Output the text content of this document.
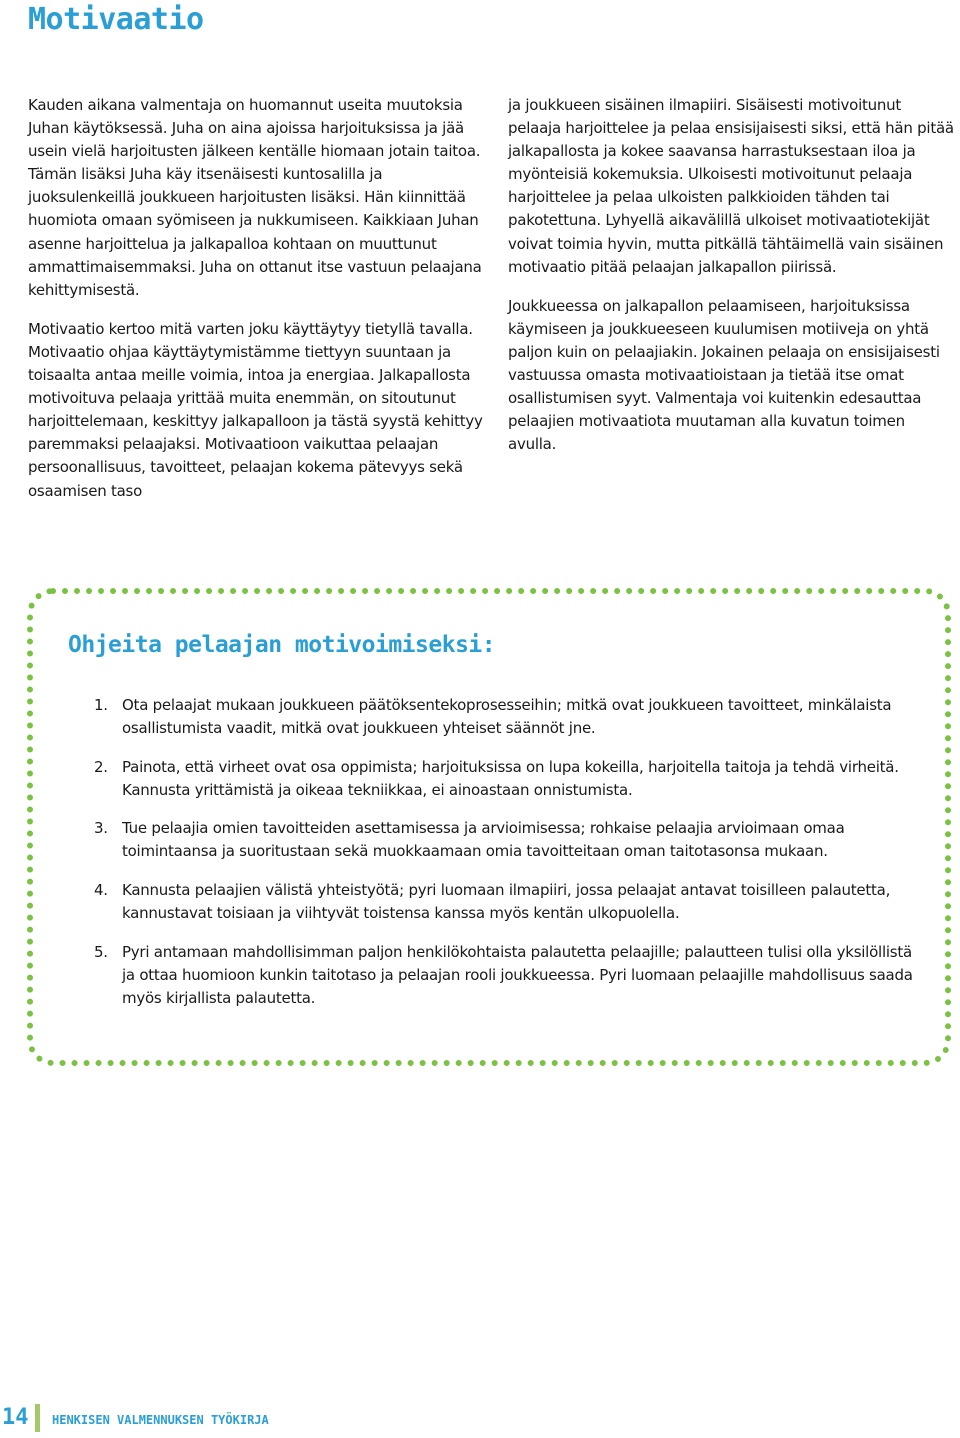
Motivaatio

Kauden aikana valmentaja on huomannut useita muutoksia Juhan käytöksessä. Juha on aina ajoissa harjoituksissa ja jää usein vielä harjoitusten jälkeen kentälle hiomaan jotain taitoa. Tämän lisäksi Juha käy itsenäisesti kuntosalilla ja juoksulenkeillä joukkueen harjoitusten lisäksi. Hän kiinnittää huomiota omaan syömiseen ja nukkumiseen. Kaikkiaan Juhan asenne harjoittelua ja jalkapalloa kohtaan on muuttunut ammattimaisemmaksi. Juha on ottanut itse vastuun pelaajana kehittymisestä.

Motivaatio kertoo mitä varten joku käyttäytyy tietyllä tavalla. Motivaatio ohjaa käyttäytymistämme tiettyyn suuntaan ja toisaalta antaa meille voimia, intoa ja energiaa. Jalkapallosta motivoituva pelaaja yrittää muita enemmän, on sitoutunut harjoittelemaan, keskittyy jalkapalloon ja tästä syystä kehittyy paremmaksi pelaajaksi. Motivaatioon vaikuttaa pelaajan persoonallisuus, tavoitteet, pelaajan kokema pätevyys sekä osaamisen taso

ja joukkueen sisäinen ilmapiiri. Sisäisesti motivoitunut pelaaja harjoittelee ja pelaa ensisijaisesti siksi, että hän pitää jalkapallosta ja kokee saavansa harrastuksestaan iloa ja myönteisiä kokemuksia. Ulkoisesti motivoitunut pelaaja harjoittelee ja pelaa ulkoisten palkkioiden tähden tai pakotettuna. Lyhyellä aikavälillä ulkoiset motivaatiotekijät voivat toimia hyvin, mutta pitkällä tähtäimellä vain sisäinen motivaatio pitää pelaajan jalkapallon piirissä.

Joukkueessa on jalkapallon pelaamiseen, harjoituksissa käymiseen ja joukkueeseen kuulumisen motiiveja on yhtä paljon kuin on pelaajiakin. Jokainen pelaaja on ensisijaisesti vastuussa omasta motivaatioistaan ja tietää itse omat osallistumisen syyt. Valmentaja voi kuitenkin edesauttaa pelaajien motivaatiota muutaman alla kuvatun toimen avulla.

Ohjeita pelaajan motivoimiseksi:
1. Ota pelaajat mukaan joukkueen päätöksentekoprosesseihin; mitkä ovat joukkueen tavoitteet, minkälaista osallistumista vaadit, mitkä ovat joukkueen yhteiset säännöt jne.
2. Painota, että virheet ovat osa oppimista; harjoituksissa on lupa kokeilla, harjoitella taitoja ja tehdä virheitä. Kannusta yrittämistä ja oikeaa tekniikkaa, ei ainoastaan onnistumista.
3. Tue pelaajia omien tavoitteiden asettamisessa ja arvioimisessa; rohkaise pelaajia arvioimaan omaa toimintaansa ja suoritustaan sekä muokkaamaan omia tavoitteitaan oman taitotasonsa mukaan.
4. Kannusta pelaajien välistä yhteistyötä; pyri luomaan ilmapiiri, jossa pelaajat antavat toisilleen palautetta, kannustavat toisiaan ja viihtyvät toistensa kanssa myös kentän ulkopuolella.
5. Pyri antamaan mahdollisimman paljon henkilökohtaista palautetta pelaajille; palautteen tulisi olla yksilöllistä ja ottaa huomioon kunkin taitotaso ja pelaajan rooli joukkueessa. Pyri luomaan pelaajille mahdollisuus saada myös kirjallista palautetta.
14 HENKISEN VALMENNUKSEN TYÖKIRJA
